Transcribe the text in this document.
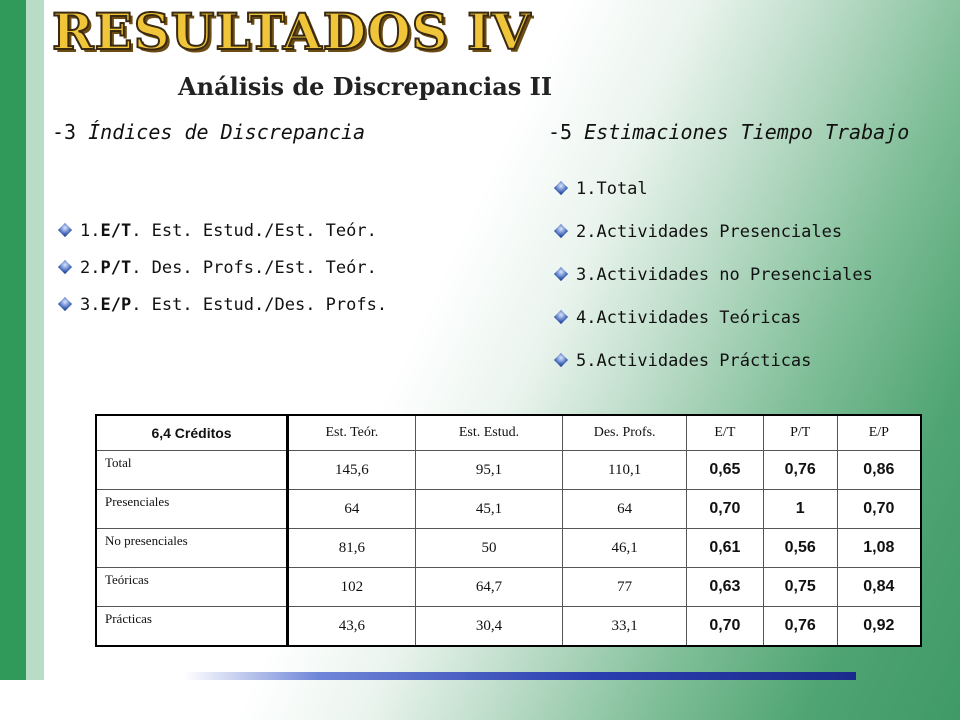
RESULTADOS IV
Análisis de Discrepancias II

-3 Índices de Discrepancia	-5 Estimaciones Tiempo Trabajo

1.E/T. Est. Estud./Est. Teór.
2.P/T. Des. Profs./Est. Teór.
3.E/P. Est. Estud./Des. Profs.
1.Total
2.Actividades Presenciales
3.Actividades no Presenciales
4.Actividades Teóricas
5.Actividades Prácticas
6,4 Créditos	Est. Teór.	Est. Estud.	Des. Profs.	E/T	P/T	E/P
Total	145,6	95,1	110,1	0,65	0,76	0,86
Presenciales	64	45,1	64	0,70	1	0,70
No presenciales	81,6	50	46,1	0,61	0,56	1,08
Teóricas	102	64,7	77	0,63	0,75	0,84
Prácticas	43,6	30,4	33,1	0,70	0,76	0,92
